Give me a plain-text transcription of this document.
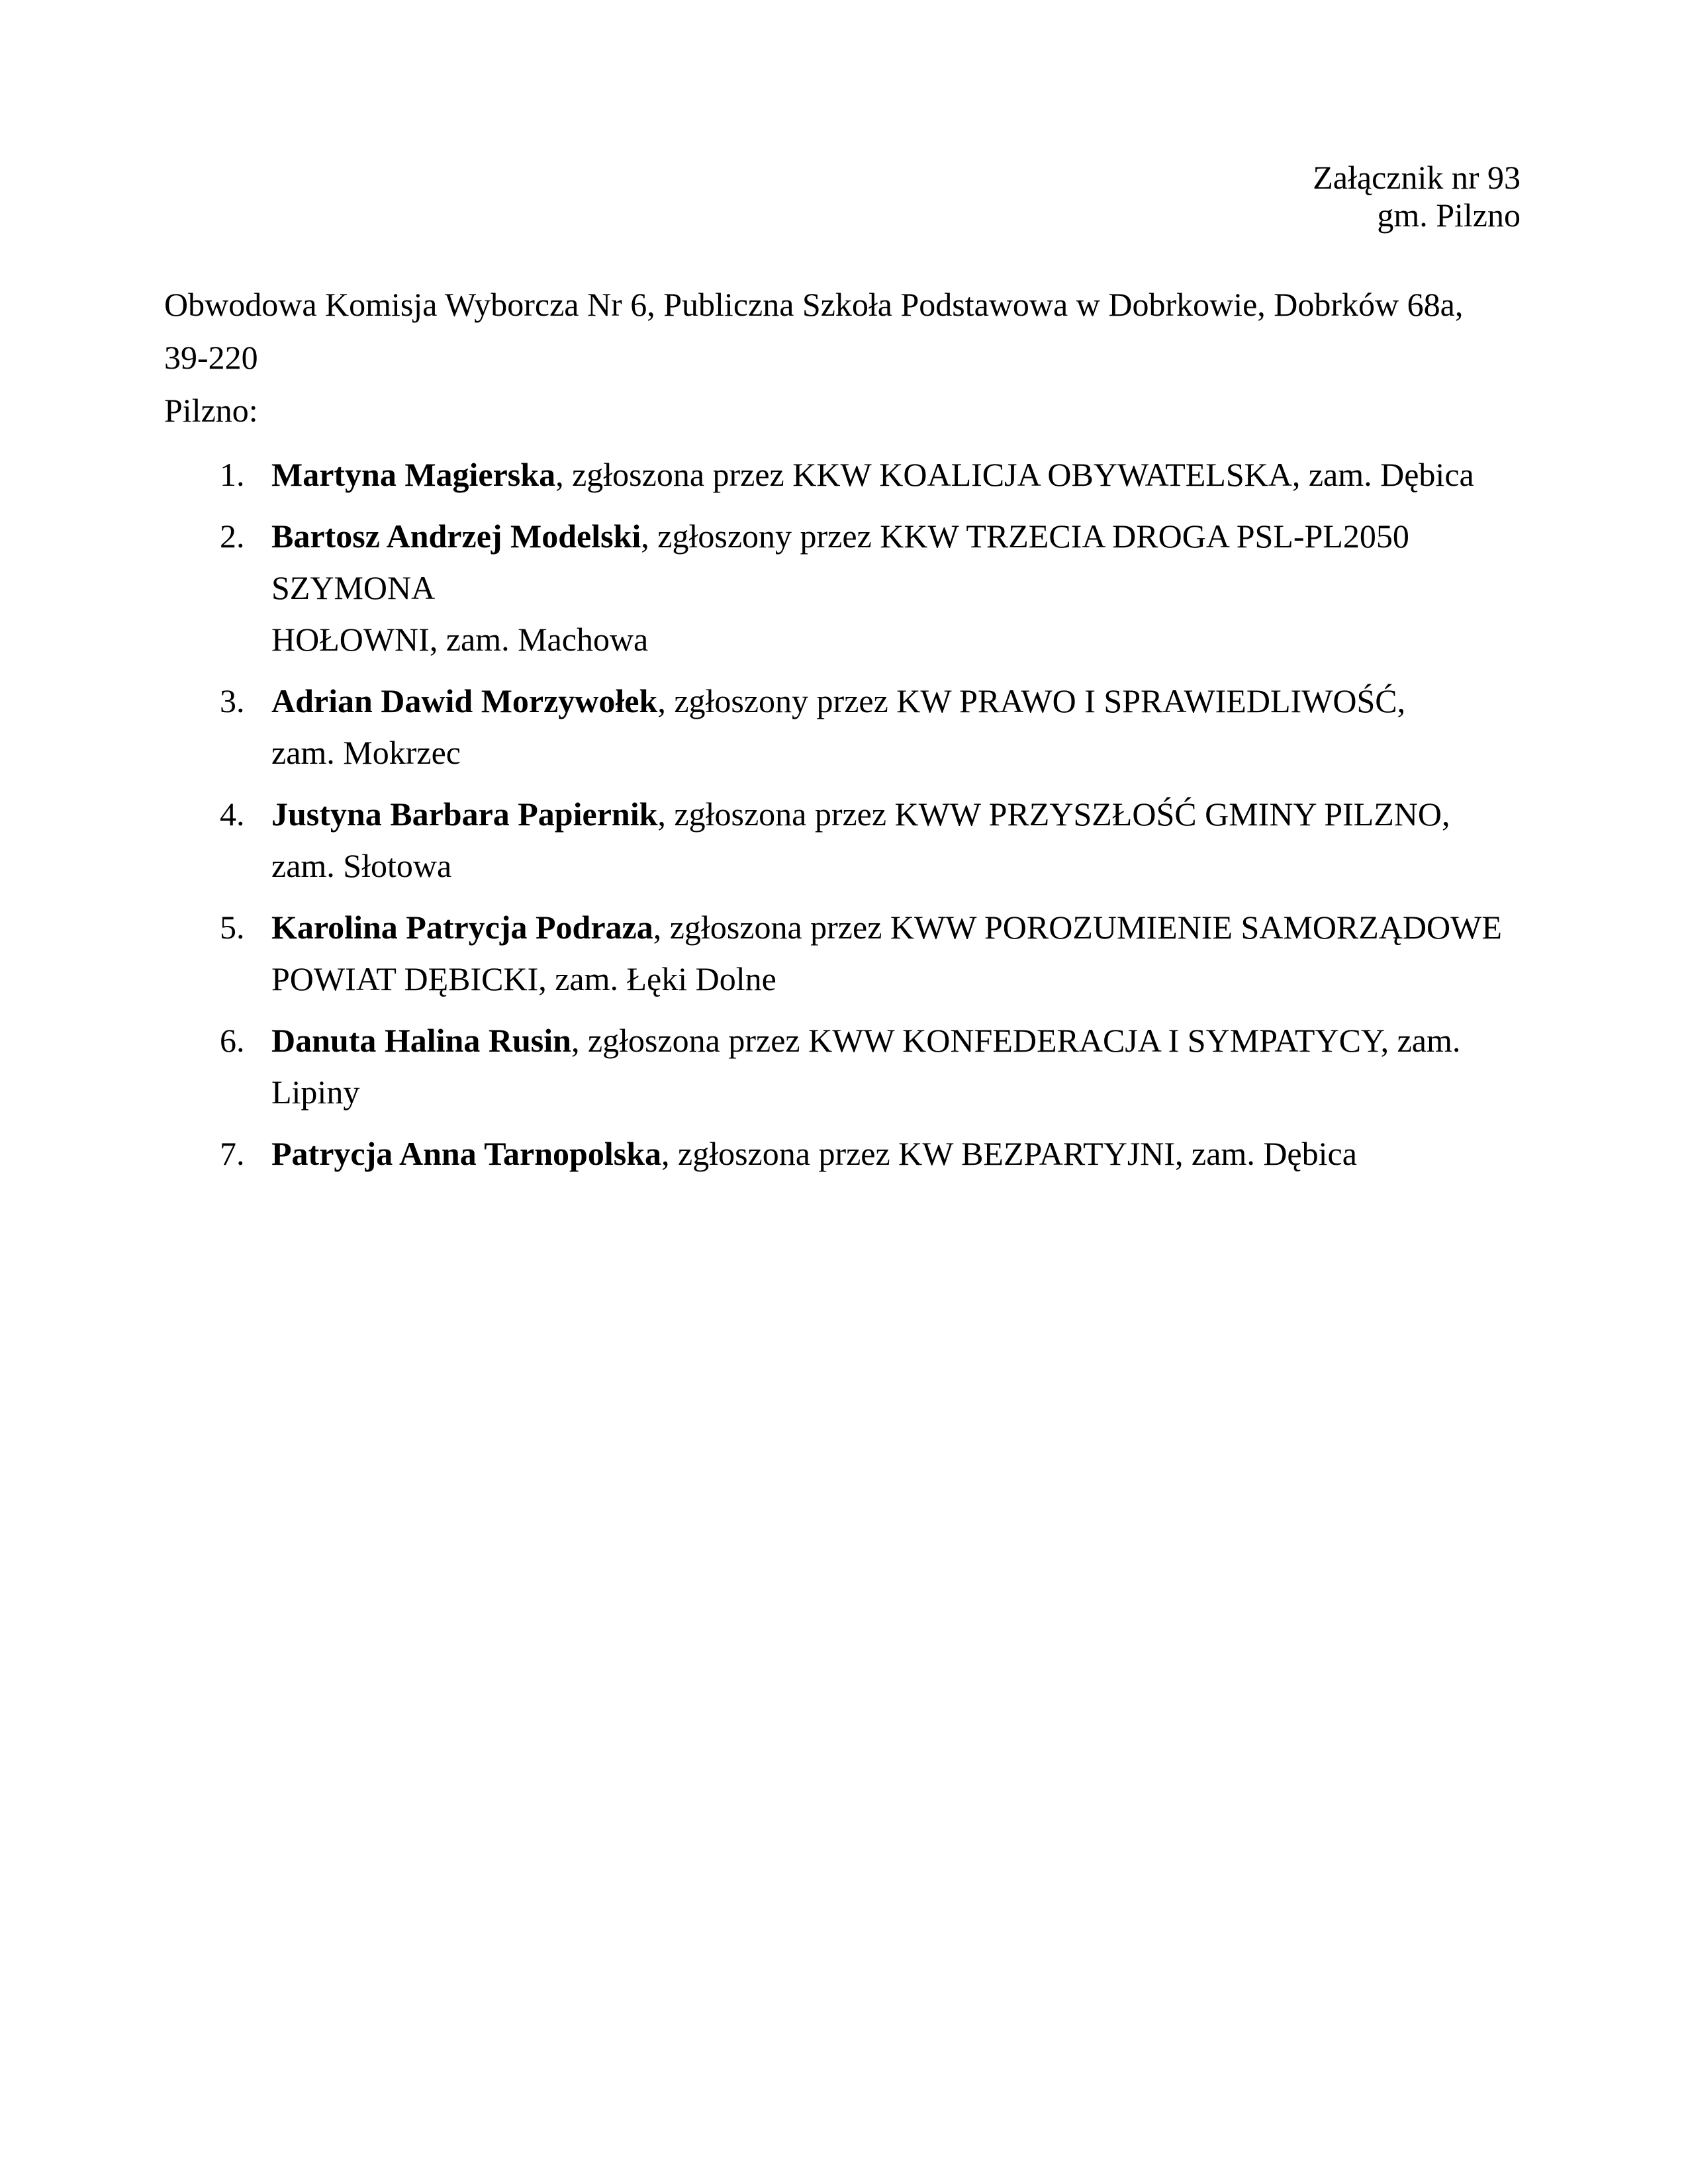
Załącznik nr 93
gm. Pilzno
Obwodowa Komisja Wyborcza Nr 6, Publiczna Szkoła Podstawowa w Dobrkowie, Dobrków 68a, 39-220
Pilzno:
1. Martyna Magierska, zgłoszona przez KKW KOALICJA OBYWATELSKA, zam. Dębica
2. Bartosz Andrzej Modelski, zgłoszony przez KKW TRZECIA DROGA PSL-PL2050 SZYMONA
HOŁOWNI, zam. Machowa
3. Adrian Dawid Morzywołek, zgłoszony przez KW PRAWO I SPRAWIEDLIWOŚĆ,
zam. Mokrzec
4. Justyna Barbara Papiernik, zgłoszona przez KWW PRZYSZŁOŚĆ GMINY PILZNO,
zam. Słotowa
5. Karolina Patrycja Podraza, zgłoszona przez KWW POROZUMIENIE SAMORZĄDOWE
POWIAT DĘBICKI, zam. Łęki Dolne
6. Danuta Halina Rusin, zgłoszona przez KWW KONFEDERACJA I SYMPATYCY, zam. Lipiny
7. Patrycja Anna Tarnopolska, zgłoszona przez KW BEZPARTYJNI, zam. Dębica
